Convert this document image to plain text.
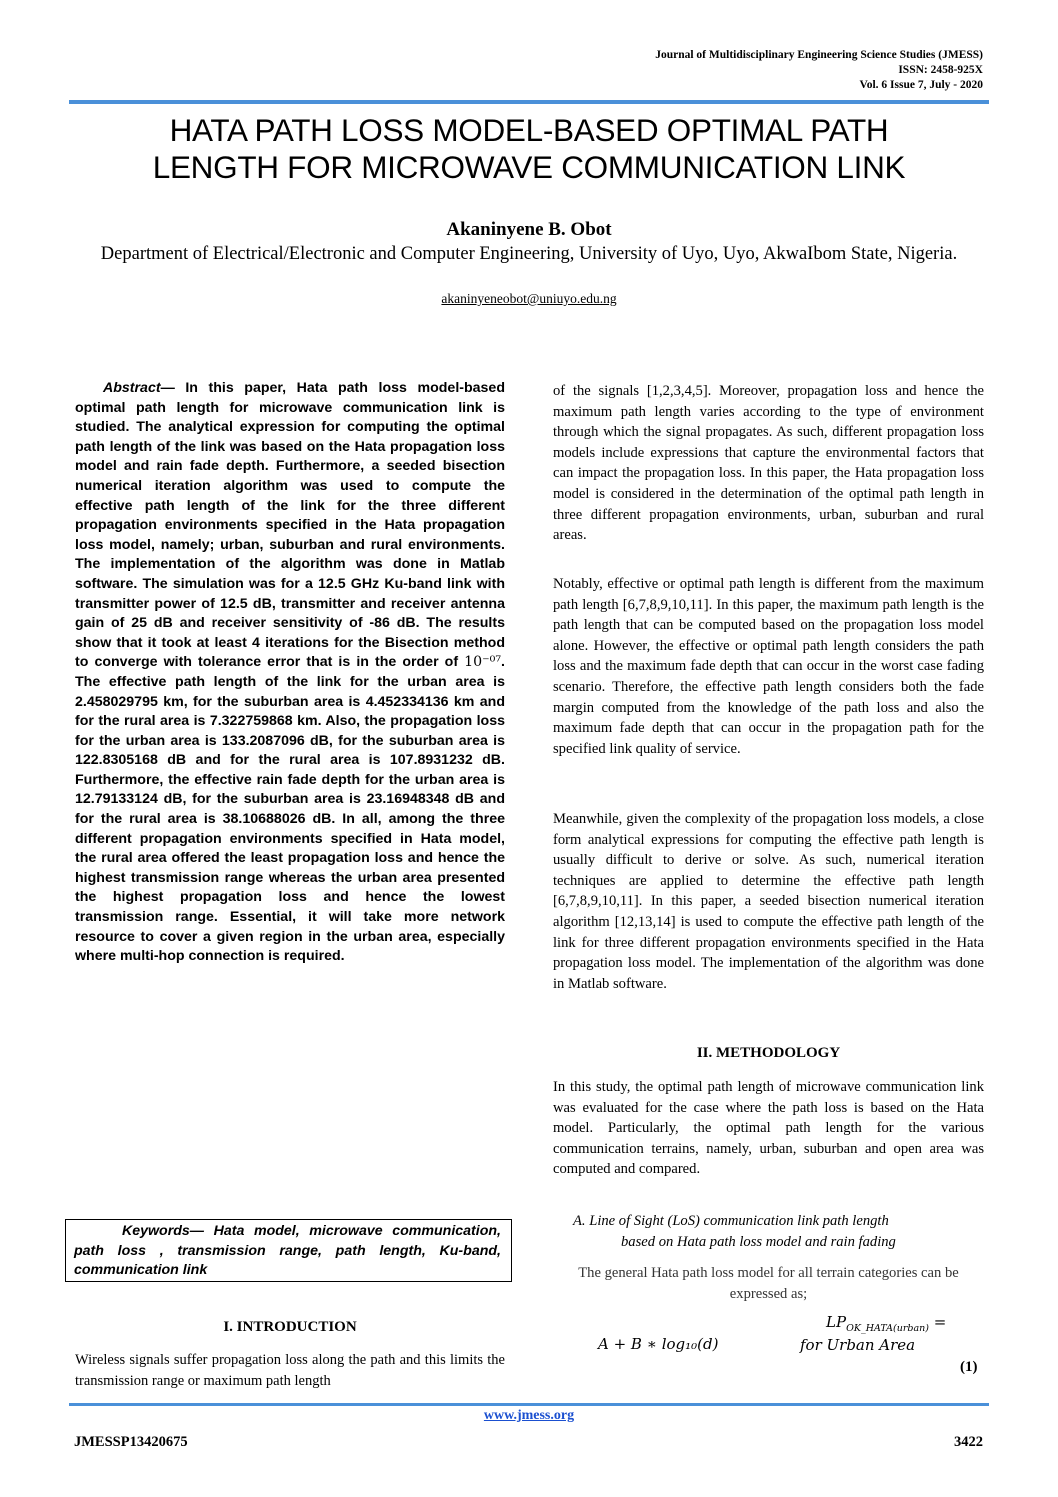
Journal of Multidisciplinary Engineering Science Studies (JMESS)
ISSN: 2458-925X
Vol. 6 Issue 7, July - 2020
HATA PATH LOSS MODEL-BASED OPTIMAL PATH
LENGTH FOR MICROWAVE COMMUNICATION LINK
Akaninyene B. Obot
Department of Electrical/Electronic and Computer Engineering, University of Uyo, Uyo, AkwaIbom State, Nigeria.
akaninyeneobot@uniuyo.edu.ng
Abstract— In this paper, Hata path loss model-based optimal path length for microwave communication link is studied. The analytical expression for computing the optimal path length of the link was based on the Hata propagation loss model and rain fade depth. Furthermore, a seeded bisection numerical iteration algorithm was used to compute the effective path length of the link for the three different propagation environments specified in the Hata propagation loss model, namely; urban, suburban and rural environments. The implementation of the algorithm was done in Matlab software. The simulation was for a 12.5 GHz Ku-band link with transmitter power of 12.5 dB, transmitter and receiver antenna gain of 25 dB and receiver sensitivity of -86 dB. The results show that it took at least 4 iterations for the Bisection method to converge with tolerance error that is in the order of 10⁻⁰⁷. The effective path length of the link for the urban area is 2.458029795 km, for the suburban area is 4.452334136 km and for the rural area is 7.322759868 km. Also, the propagation loss for the urban area is 133.2087096 dB, for the suburban area is 122.8305168 dB and for the rural area is 107.8931232 dB. Furthermore, the effective rain fade depth for the urban area is 12.79133124 dB, for the suburban area is 23.16948348 dB and for the rural area is 38.10688026 dB. In all, among the three different propagation environments specified in Hata model, the rural area offered the least propagation loss and hence the highest transmission range whereas the urban area presented the highest propagation loss and hence the lowest transmission range. Essential, it will take more network resource to cover a given region in the urban area, especially where multi-hop connection is required.
Keywords— Hata model, microwave communication, path loss , transmission range, path length, Ku-band, communication link
I. INTRODUCTION
Wireless signals suffer propagation loss along the path and this limits the transmission range or maximum path length
of the signals [1,2,3,4,5]. Moreover, propagation loss and hence the maximum path length varies according to the type of environment through which the signal propagates. As such, different propagation loss models include expressions that capture the environmental factors that can impact the propagation loss. In this paper, the Hata propagation loss model is considered in the determination of the optimal path length in three different propagation environments, urban, suburban and rural areas.
Notably, effective or optimal path length is different from the maximum path length [6,7,8,9,10,11]. In this paper, the maximum path length is the path length that can be computed based on the propagation loss model alone. However, the effective or optimal path length considers the path loss and the maximum fade depth that can occur in the worst case fading scenario. Therefore, the effective path length considers both the fade margin computed from the knowledge of the path loss and also the maximum fade depth that can occur in the propagation path for the specified link quality of service.
Meanwhile, given the complexity of the propagation loss models, a close form analytical expressions for computing the effective path length is usually difficult to derive or solve. As such, numerical iteration techniques are applied to determine the effective path length [6,7,8,9,10,11]. In this paper, a seeded bisection numerical iteration algorithm [12,13,14] is used to compute the effective path length of the link for three different propagation environments specified in the Hata propagation loss model. The implementation of the algorithm was done in Matlab software.
II. METHODOLOGY
In this study, the optimal path length of microwave communication link was evaluated for the case where the path loss is based on the Hata model. Particularly, the optimal path length for the various communication terrains, namely, urban, suburban and open area was computed and compared.
A. Line of Sight (LoS) communication link path length
based on Hata path loss model and rain fading
The general Hata path loss model for all terrain categories can be expressed as;
$LP_{OK\_HATA(urban)}$ =
A + B ∗ log₁₀(d)	for Urban Area
(1)
www.jmess.org
JMESSP13420675	3422
